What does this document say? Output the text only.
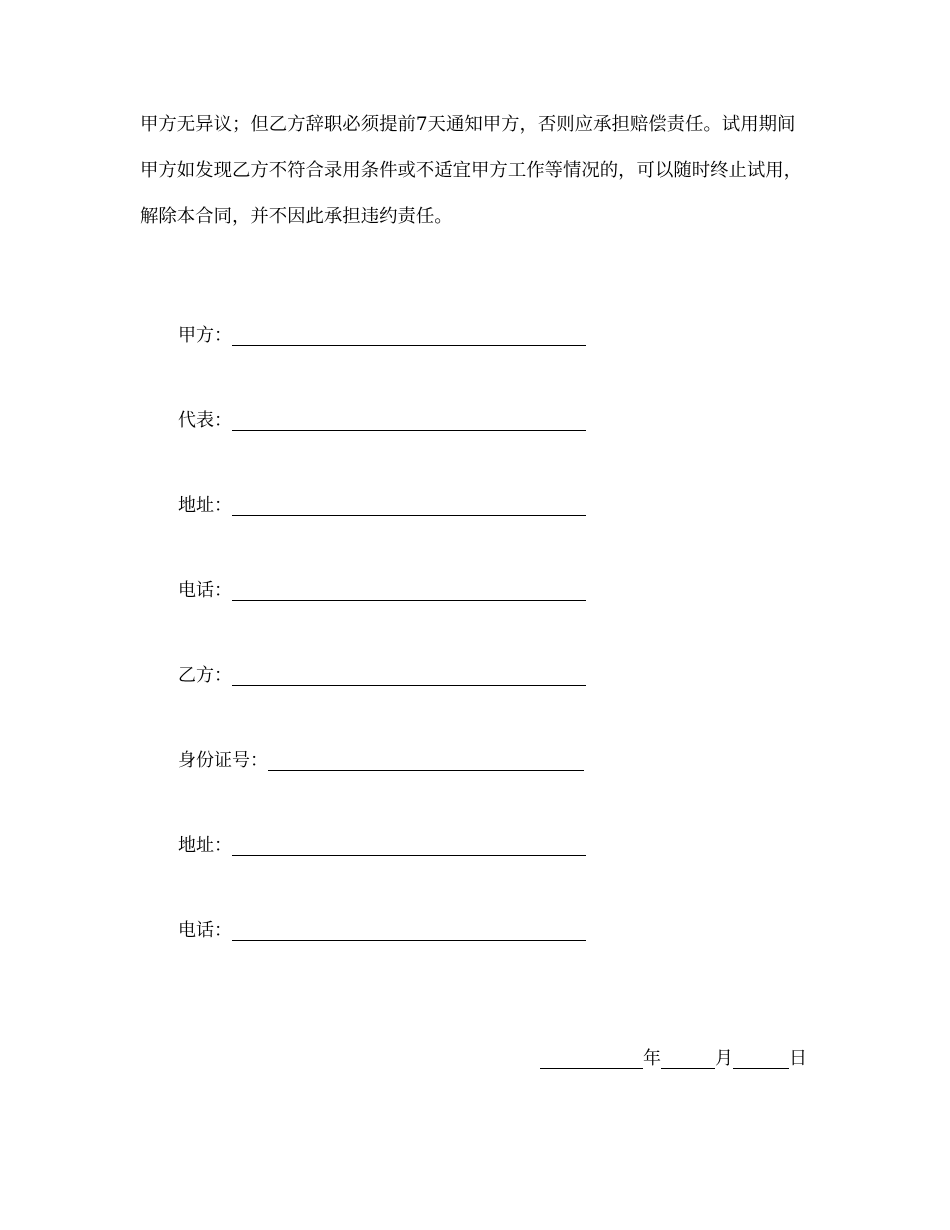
甲方无异议；但乙方辞职必须提前7天通知甲方，否则应承担赔偿责任。试用期间
甲方如发现乙方不符合录用条件或不适宜甲方工作等情况的，可以随时终止试用，
解除本合同，并不因此承担违约责任。
甲方：
代表：
地址：
电话：
乙方：
身份证号：
地址：
电话：
年	月	日
